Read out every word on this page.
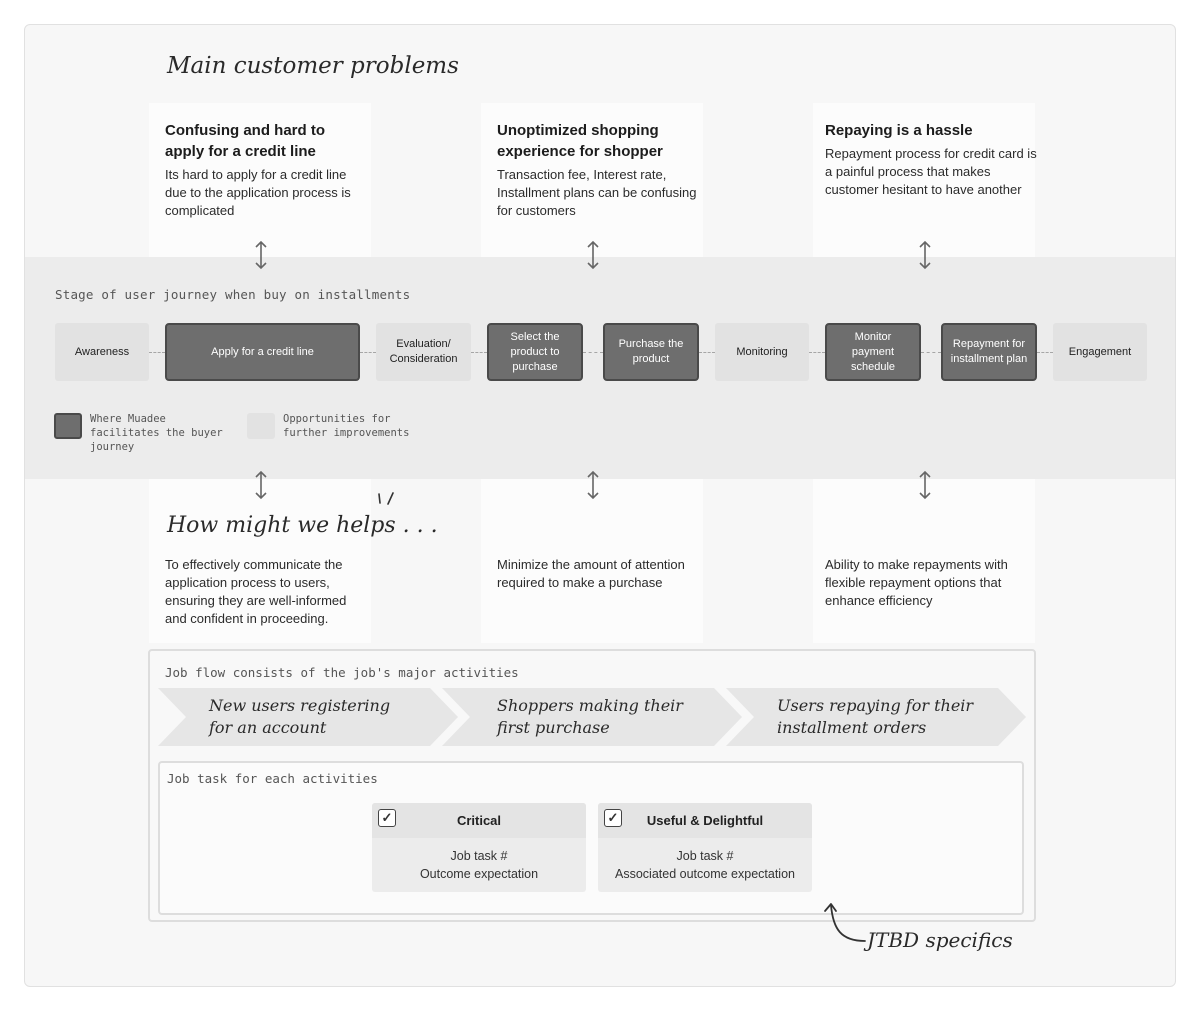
Main customer problems
Confusing and hard to apply for a credit line
Its hard to apply for a credit line due to the application process is complicated
Unoptimized shopping experience for shopper
Transaction fee, Interest rate, Installment plans can be confusing for customers
Repaying is a hassle
Repayment process for credit card is a painful process that makes customer hesitant to have another
Stage of user journey when buy on installments
Awareness	Apply for a credit line
Evaluation/ Consideration
Select the product to purchase
Purchase the product
Monitoring
Monitor payment schedule
Repayment for installment plan
Engagement
Where Muadee facilitates the buyer journey
Opportunities for further improvements
How might we helps . . .
To effectively communicate the application process to users, ensuring they are well-informed and confident in proceeding.
Minimize the amount of attention required to make a purchase
Ability to make repayments with flexible repayment options that enhance efficiency
Job flow consists of the job's major activities
New users registering for an account
Shoppers making their first purchase
Users repaying for their installment orders
Job task for each activities
✓	Critical
Job task #
Outcome expectation
✓ Useful & Delightful
Job task #
Associated outcome expectation
JTBD specifics
